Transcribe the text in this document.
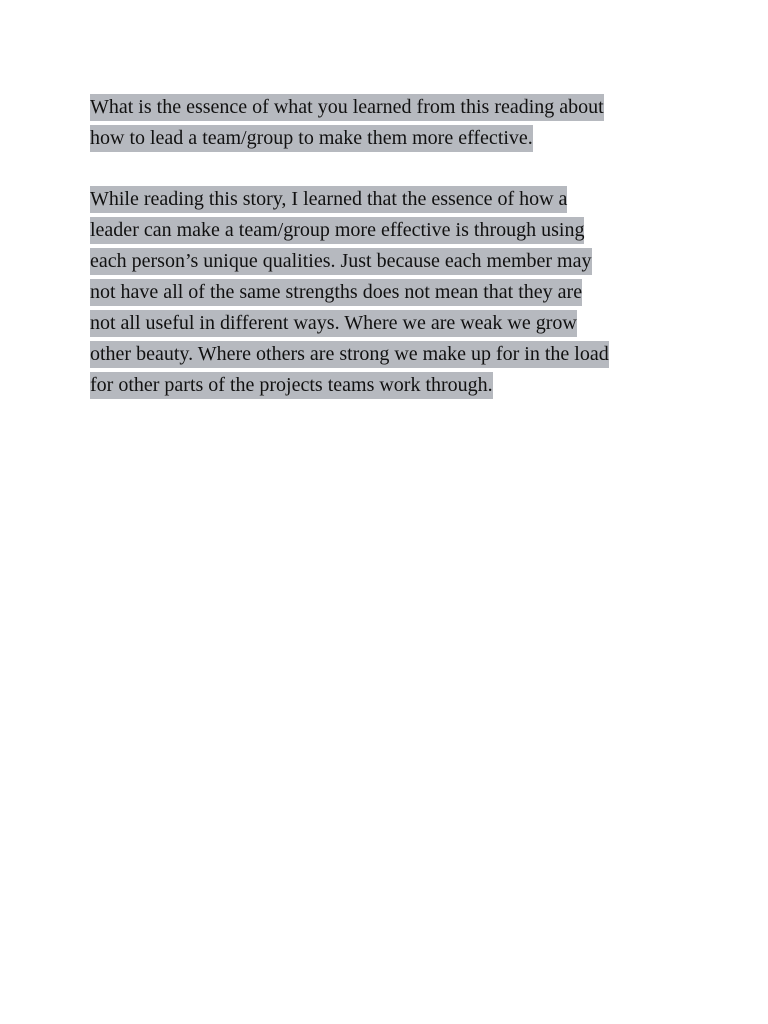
What is the essence of what you learned from this reading about
how to lead a team/group to make them more effective.
While reading this story, I learned that the essence of how a
leader can make a team/group more effective is through using
each person’s unique qualities. Just because each member may
not have all of the same strengths does not mean that they are
not all useful in different ways. Where we are weak we grow
other beauty. Where others are strong we make up for in the load
for other parts of the projects teams work through.
